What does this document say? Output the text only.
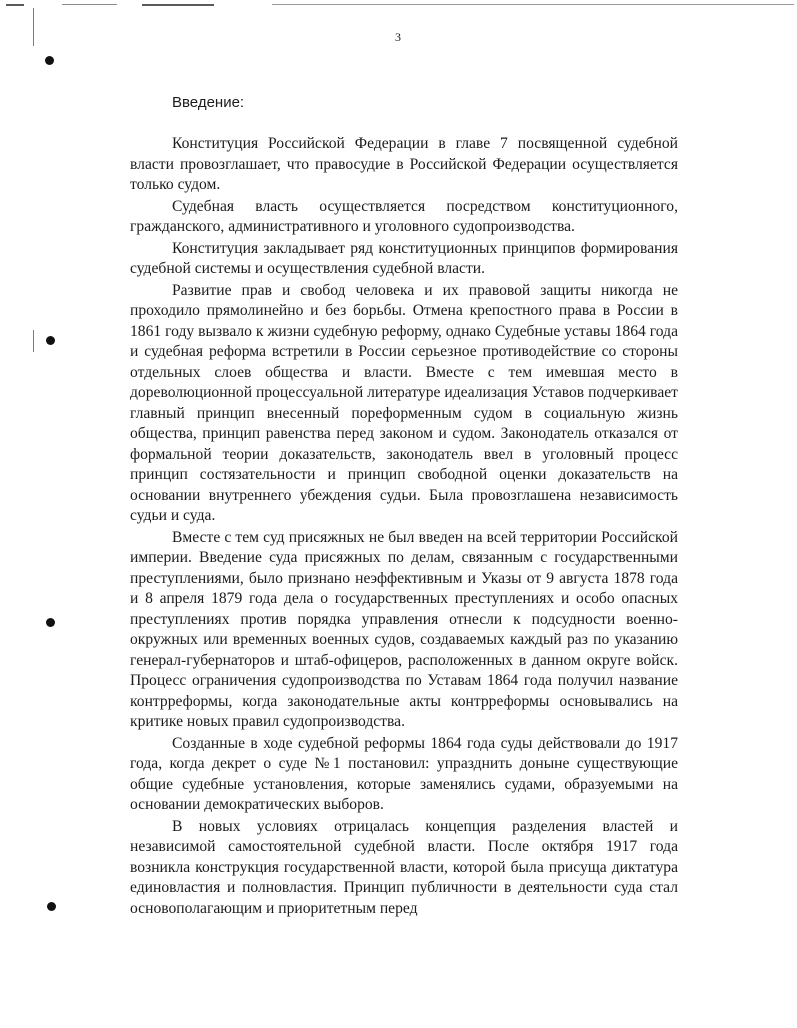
3
Введение:

Конституция Российской Федерации в главе 7 посвященной судебной власти провозглашает, что правосудие в Российской Федерации осуществляется только судом.

Судебная власть осуществляется посредством конституционного, гражданского, административного и уголовного судопроизводства.

Конституция закладывает ряд конституционных принципов формирования судебной системы и осуществления судебной власти.

Развитие прав и свобод человека и их правовой защиты никогда не проходило прямолинейно и без борьбы. Отмена крепостного права в России в 1861 году вызвало к жизни судебную реформу, однако Судебные уставы 1864 года и судебная реформа встретили в России серьезное противодействие со стороны отдельных слоев общества и власти. Вместе с тем имевшая место в дореволюционной процессуальной литературе идеализация Уставов подчеркивает главный принцип внесенный пореформенным судом в социальную жизнь общества, принцип равенства перед законом и судом. Законодатель отказался от формальной теории доказательств, законодатель ввел в уголовный процесс принцип состязательности и принцип свободной оценки доказательств на основании внутреннего убеждения судьи. Была провозглашена независимость судьи и суда.

Вместе с тем суд присяжных не был введен на всей территории Российской империи. Введение суда присяжных по делам, связанным с государственными преступлениями, было признано неэффективным и Указы от 9 августа 1878 года и 8 апреля 1879 года дела о государственных преступлениях и особо опасных преступлениях против порядка управления отнесли к подсудности военно-окружных или временных военных судов, создаваемых каждый раз по указанию генерал-губернаторов и штаб-офицеров, расположенных в данном округе войск. Процесс ограничения судопроизводства по Уставам 1864 года получил название контрреформы, когда законодательные акты контрреформы основывались на критике новых правил судопроизводства.

Созданные в ходе судебной реформы 1864 года суды действовали до 1917 года, когда декрет о суде №1 постановил: упразднить доныне существующие общие судебные установления, которые заменялись судами, образуемыми на основании демократических выборов.

В новых условиях отрицалась концепция разделения властей и независимой самостоятельной судебной власти. После октября 1917 года возникла конструкция государственной власти, которой была присуща диктатура единовластия и полновластия. Принцип публичности в деятельности суда стал основополагающим и приоритетным перед
